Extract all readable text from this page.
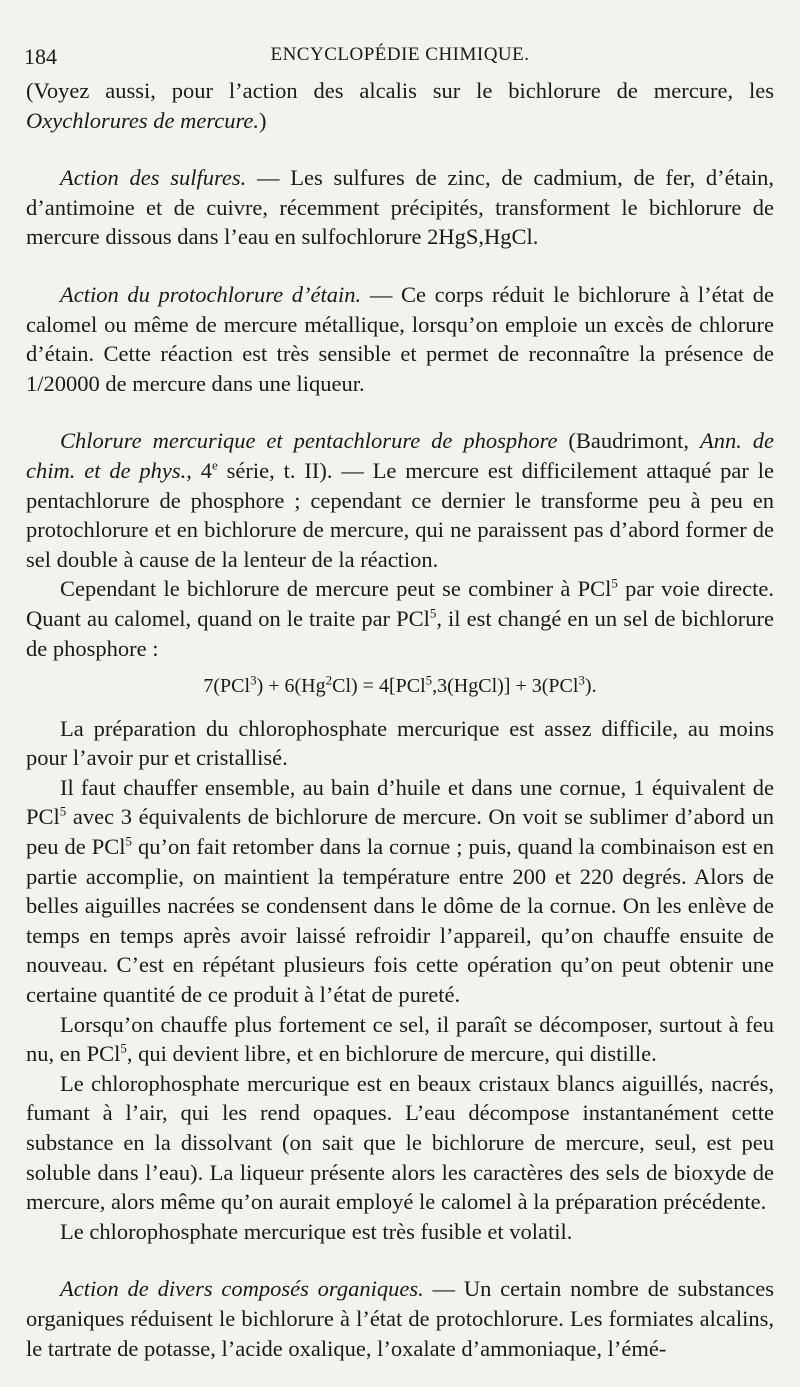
184	ENCYCLOPÉDIE CHIMIQUE.

(Voyez aussi, pour l’action des alcalis sur le bichlorure de mercure, les Oxychlorures de mercure.)

Action des sulfures. — Les sulfures de zinc, de cadmium, de fer, d’étain, d’antimoine et de cuivre, récemment précipités, transforment le bichlorure de mercure dissous dans l’eau en sulfochlorure 2HgS,HgCl.

Action du protochlorure d’étain. — Ce corps réduit le bichlorure à l’état de calomel ou même de mercure métallique, lorsqu’on emploie un excès de chlorure d’étain. Cette réaction est très sensible et permet de reconnaître la présence de 1/20000 de mercure dans une liqueur.

Chlorure mercurique et pentachlorure de phosphore (Baudrimont, Ann. de chim. et de phys., 4e série, t. II). — Le mercure est difficilement attaqué par le pentachlorure de phosphore ; cependant ce dernier le transforme peu à peu en protochlorure et en bichlorure de mercure, qui ne paraissent pas d’abord former de sel double à cause de la lenteur de la réaction.

Cependant le bichlorure de mercure peut se combiner à PCl$^5$ par voie directe. Quant au calomel, quand on le traite par PCl$^5$, il est changé en un sel de bichlorure de phosphore :

$7(PCl^3) + 6(Hg^2Cl)$ = 4[PCl$^5$,3(HgCl)] + 3(PCl$^3$).

La préparation du chlorophosphate mercurique est assez difficile, au moins pour l’avoir pur et cristallisé.

Il faut chauffer ensemble, au bain d’huile et dans une cornue, 1 équivalent de PCl$^5$ avec 3 équivalents de bichlorure de mercure. On voit se sublimer d’abord un peu de PCl$^5$ qu’on fait retomber dans la cornue ; puis, quand la combinaison est en partie accomplie, on maintient la température entre 200 et 220 degrés. Alors de belles aiguilles nacrées se condensent dans le dôme de la cornue. On les enlève de temps en temps après avoir laissé refroidir l’appareil, qu’on chauffe ensuite de nouveau. C’est en répétant plusieurs fois cette opération qu’on peut obtenir une certaine quantité de ce produit à l’état de pureté.

Lorsqu’on chauffe plus fortement ce sel, il paraît se décomposer, surtout à feu nu, en PCl$^5$, qui devient libre, et en bichlorure de mercure, qui distille.

Le chlorophosphate mercurique est en beaux cristaux blancs aiguillés, nacrés, fumant à l’air, qui les rend opaques. L’eau décompose instantanément cette substance en la dissolvant (on sait que le bichlorure de mercure, seul, est peu soluble dans l’eau). La liqueur présente alors les caractères des sels de bioxyde de mercure, alors même qu’on aurait employé le calomel à la préparation précédente.

Le chlorophosphate mercurique est très fusible et volatil.

Action de divers composés organiques. — Un certain nombre de substances organiques réduisent le bichlorure à l’état de protochlorure. Les formiates alcalins, le tartrate de potasse, l’acide oxalique, l’oxalate d’ammoniaque, l’émé-
